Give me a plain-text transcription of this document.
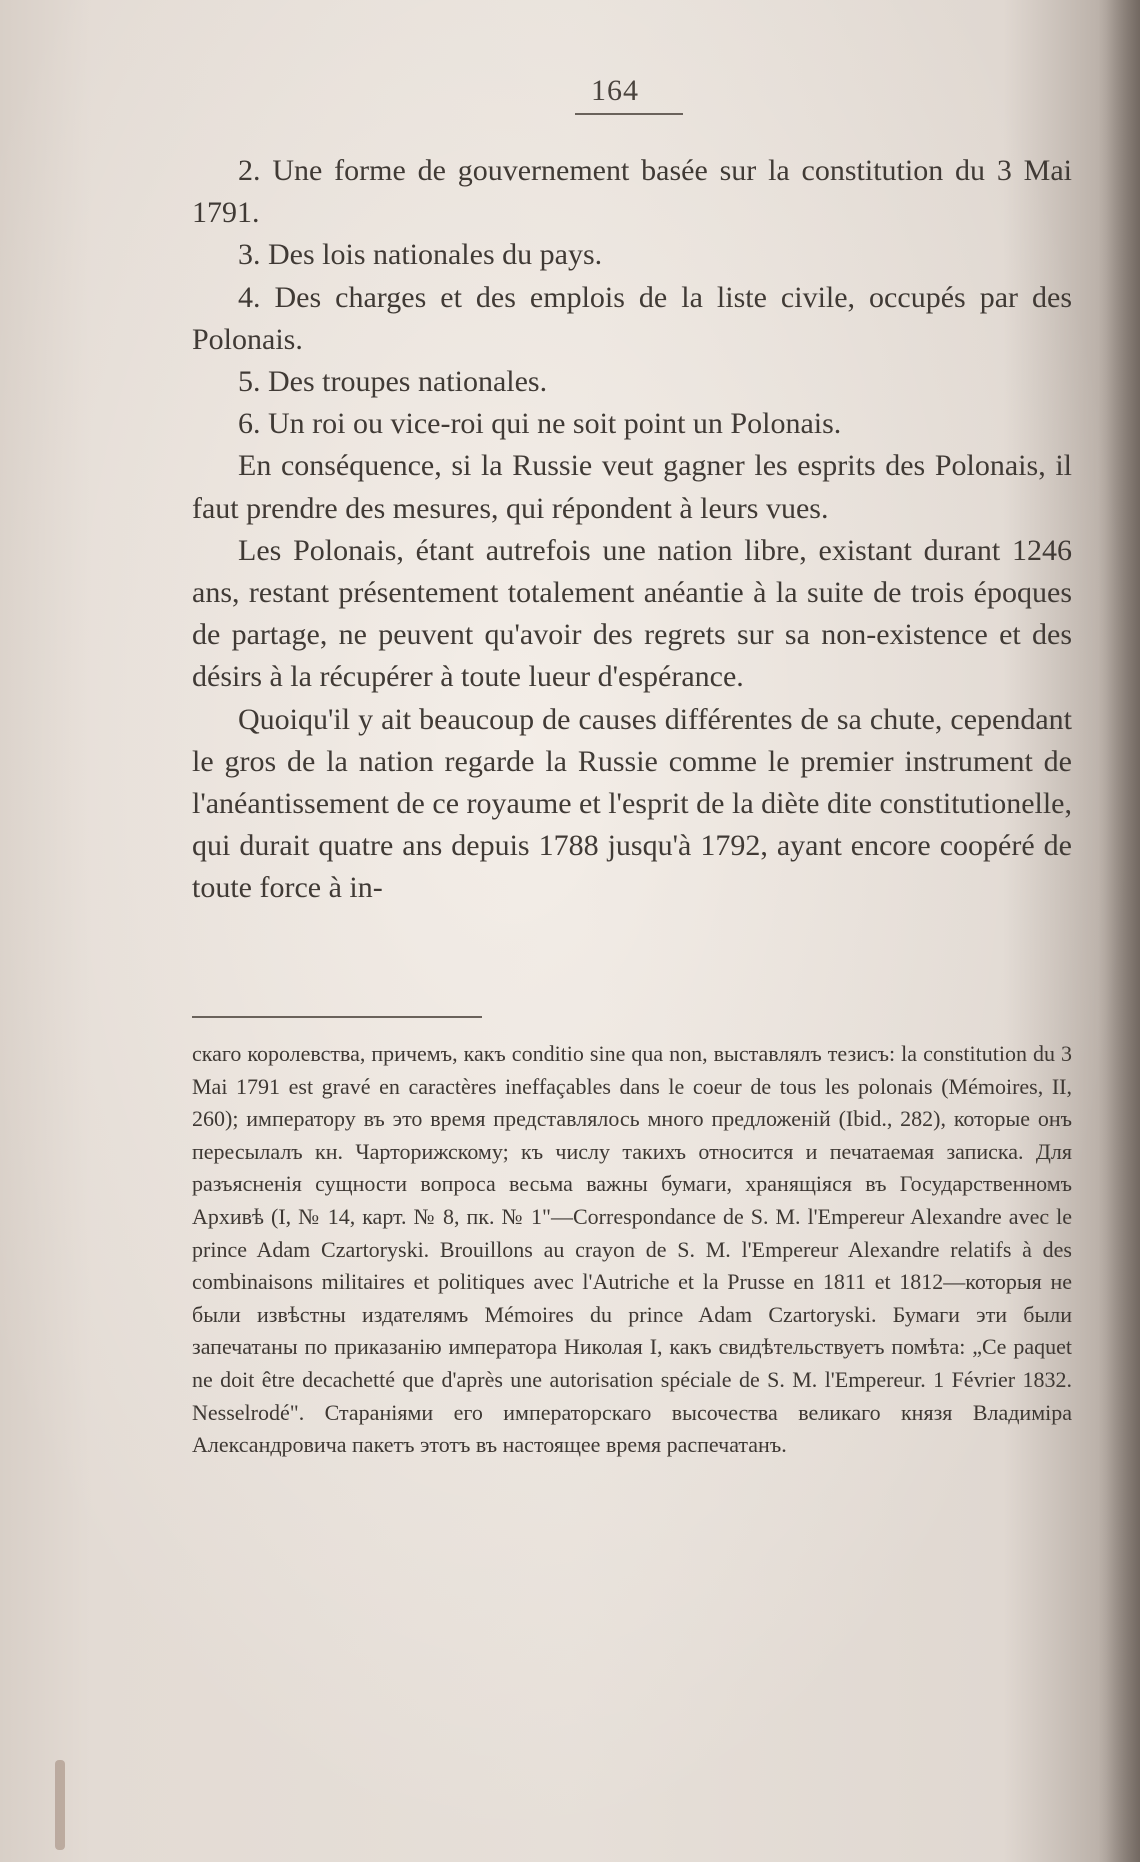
164

2. Une forme de gouvernement basée sur la constitution du 3 Mai 1791.

3. Des lois nationales du pays.

4. Des charges et des emplois de la liste civile, occupés par des Polonais.

5. Des troupes nationales.

6. Un roi ou vice-roi qui ne soit point un Polonais.

En conséquence, si la Russie veut gagner les esprits des Polonais, il faut prendre des mesures, qui répondent à leurs vues.

Les Polonais, étant autrefois une nation libre, existant durant 1246 ans, restant présentement totalement anéantie à la suite de trois époques de partage, ne peuvent qu'avoir des regrets sur sa non-existence et des désirs à la récupérer à toute lueur d'espérance.

Quoiqu'il y ait beaucoup de causes différentes de sa chute, cependant le gros de la nation regarde la Russie comme le premier instrument de l'anéantissement de ce royaume et l'esprit de la diète dite constitutionelle, qui durait quatre ans depuis 1788 jusqu'à 1792, ayant encore coopéré de toute force à in-

скаго королевства, причемъ, какъ conditio sine qua non, выставлялъ тезисъ: la constitution du 3 Mai 1791 est gravé en caractères ineffaçables dans le coeur de tous les polonais (Mémoires, II, 260); императору въ это время представлялось много предложеній (Ibid., 282), которые онъ пересылалъ кн. Чарторижскому; къ числу такихъ относится и печатаемая записка. Для разъясненія сущности вопроса весьма важны бумаги, хранящіяся въ Государственномъ Архивѣ (I, № 14, карт. № 8, пк. № 1"—Correspondance de S. M. l'Empereur Alexandre avec le prince Adam Czartoryski. Brouillons au crayon de S. M. l'Empereur Alexandre relatifs à des combinaisons militaires et politiques avec l'Autriche et la Prusse en 1811 et 1812—которыя не были извѣстны издателямъ Mémoires du prince Adam Czartoryski. Бумаги эти были запечатаны по приказанію императора Николая I, какъ свидѣтельствуетъ помѣта: „Ce paquet ne doit être decachetté que d'après une autorisation spéciale de S. M. l'Empereur. 1 Février 1832. Nesselrodé". Стараніями его императорскаго высочества великаго князя Владиміра Александровича пакетъ этотъ въ настоящее время распечатанъ.
